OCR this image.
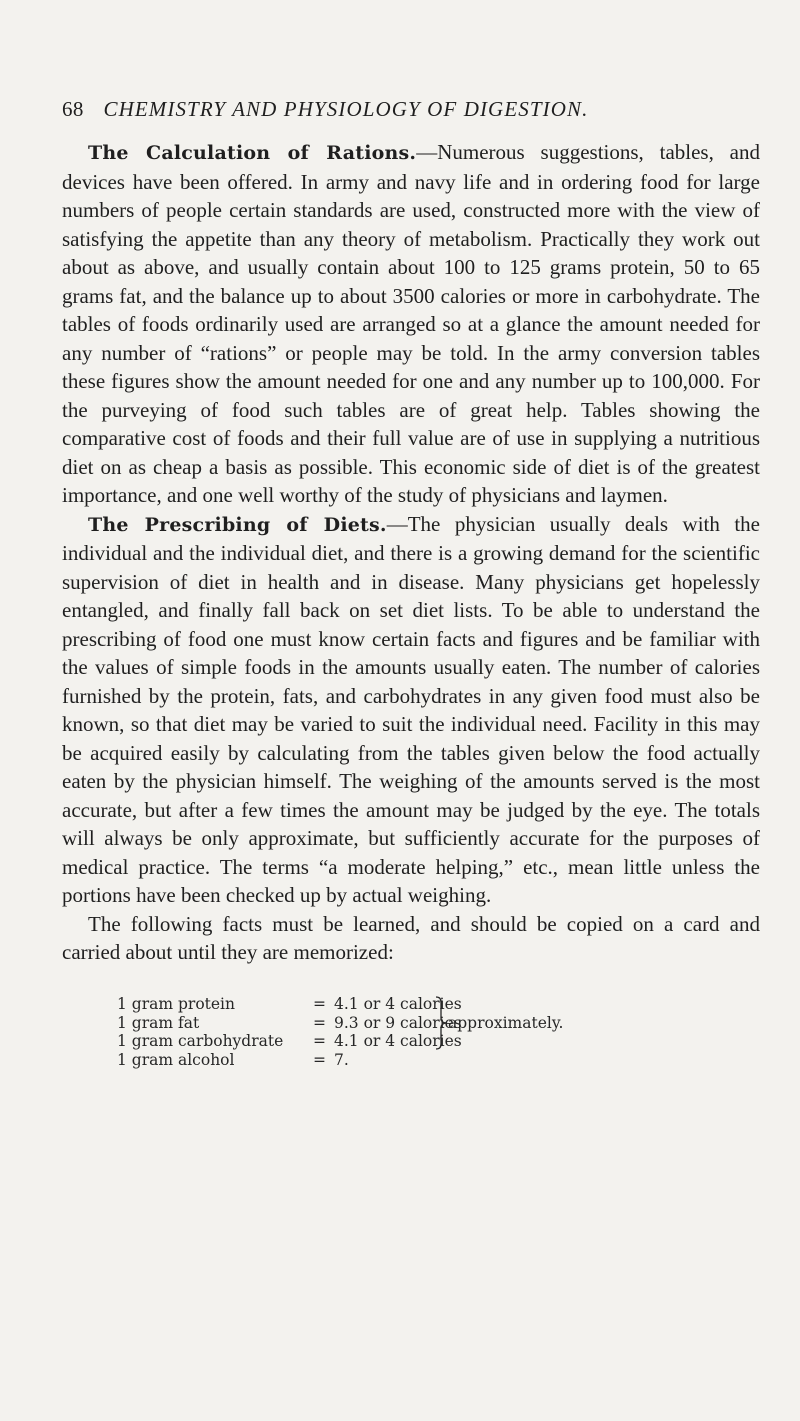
68 CHEMISTRY AND PHYSIOLOGY OF DIGESTION.

The Calculation of Rations.—Numerous suggestions, tables, and devices have been offered. In army and navy life and in ordering food for large numbers of people certain standards are used, constructed more with the view of satisfying the appetite than any theory of metabolism. Practically they work out about as above, and usually contain about 100 to 125 grams protein, 50 to 65 grams fat, and the balance up to about 3500 calories or more in carbohydrate. The tables of foods ordinarily used are arranged so at a glance the amount needed for any number of “rations” or people may be told. In the army conversion tables these figures show the amount needed for one and any number up to 100,000. For the purveying of food such tables are of great help. Tables showing the comparative cost of foods and their full value are of use in supplying a nutritious diet on as cheap a basis as possible. This economic side of diet is of the greatest importance, and one well worthy of the study of physicians and laymen.

The Prescribing of Diets.—The physician usually deals with the individual and the individual diet, and there is a growing demand for the scientific supervision of diet in health and in disease. Many physicians get hopelessly entangled, and finally fall back on set diet lists. To be able to understand the prescribing of food one must know certain facts and figures and be familiar with the values of simple foods in the amounts usually eaten. The number of calories furnished by the protein, fats, and carbohydrates in any given food must also be known, so that diet may be varied to suit the individual need. Facility in this may be acquired easily by calculating from the tables given below the food actually eaten by the physician himself. The weighing of the amounts served is the most accurate, but after a few times the amount may be judged by the eye. The totals will always be only approximate, but sufficiently accurate for the purposes of medical practice. The terms “a moderate helping,” etc., mean little unless the portions have been checked up by actual weighing.

The following facts must be learned, and should be copied on a card and carried about until they are memorized:

1 gram protein	= 4.1 or 4 calories
1 gram fat	= 9.3 or 9 calories
1 gram carbohydrate = 4.1 or 4 calories
1 gram alcohol	= 7.
approximately.
